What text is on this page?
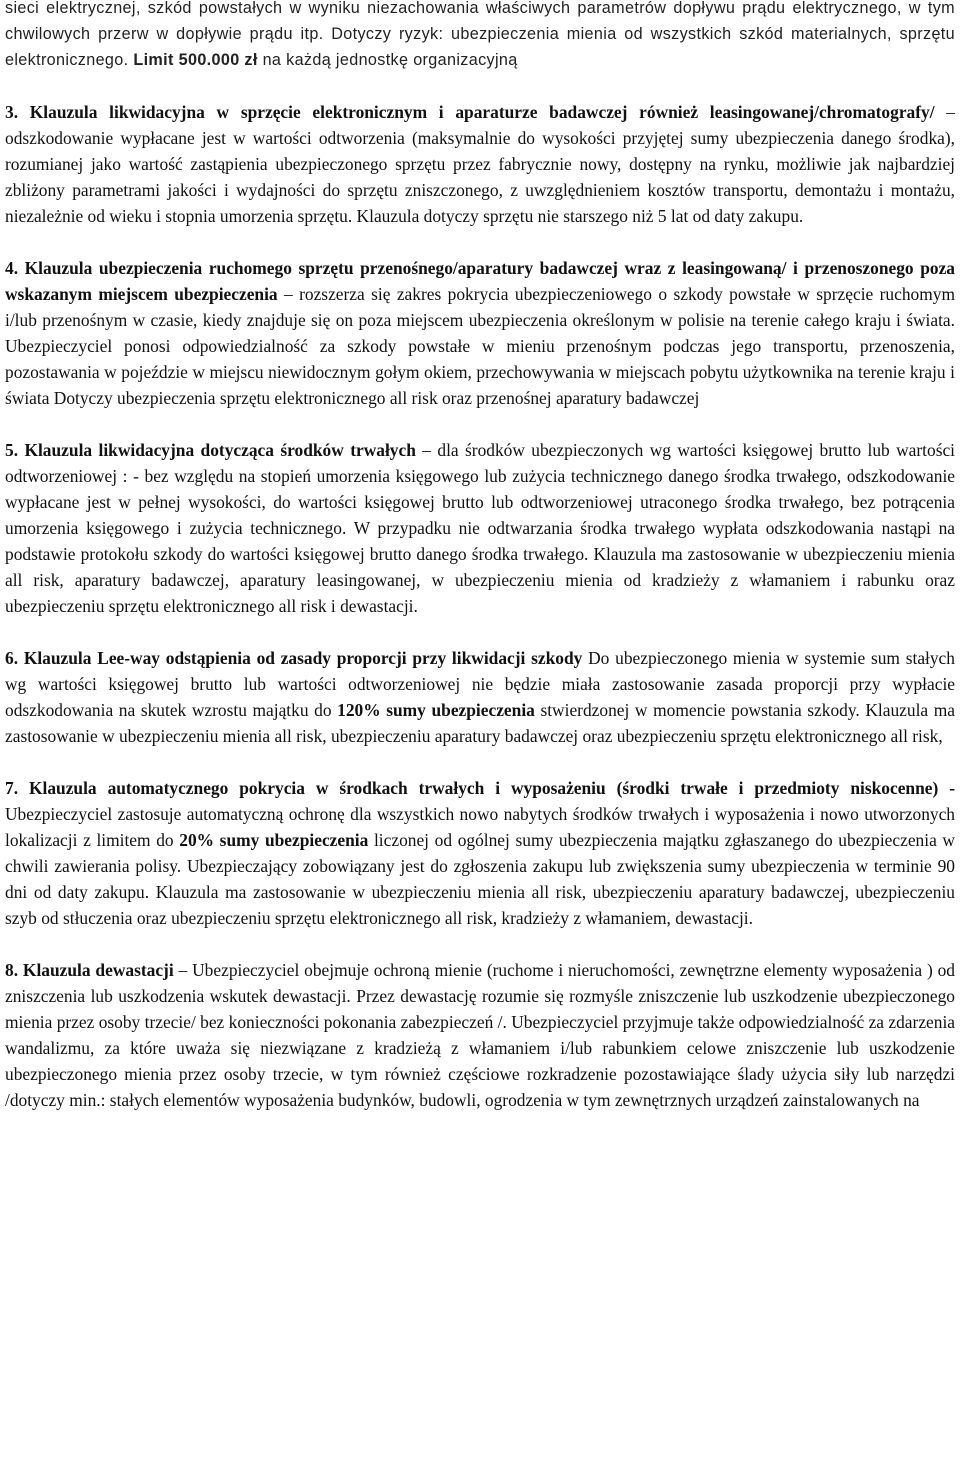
sieci elektrycznej, szkód powstałych w wyniku niezachowania właściwych parametrów dopływu prądu elektrycznego, w tym chwilowych przerw w dopływie prądu itp. Dotyczy ryzyk: ubezpieczenia mienia od wszystkich szkód materialnych, sprzętu elektronicznego. Limit 500.000 zł na każdą jednostkę organizacyjną

3. Klauzula likwidacyjna w sprzęcie elektronicznym i aparaturze badawczej również leasingowanej/chromatografy/ – odszkodowanie wypłacane jest w wartości odtworzenia (maksymalnie do wysokości przyjętej sumy ubezpieczenia danego środka), rozumianej jako wartość zastąpienia ubezpieczonego sprzętu przez fabrycznie nowy, dostępny na rynku, możliwie jak najbardziej zbliżony parametrami jakości i wydajności do sprzętu zniszczonego, z uwzględnieniem kosztów transportu, demontażu i montażu, niezależnie od wieku i stopnia umorzenia sprzętu. Klauzula dotyczy sprzętu nie starszego niż 5 lat od daty zakupu.

4. Klauzula ubezpieczenia ruchomego sprzętu przenośnego/aparatury badawczej wraz z leasingowaną/ i przenoszonego poza wskazanym miejscem ubezpieczenia – rozszerza się zakres pokrycia ubezpieczeniowego o szkody powstałe w sprzęcie ruchomym i/lub przenośnym w czasie, kiedy znajduje się on poza miejscem ubezpieczenia określonym w polisie na terenie całego kraju i świata. Ubezpieczyciel ponosi odpowiedzialność za szkody powstałe w mieniu przenośnym podczas jego transportu, przenoszenia, pozostawania w pojeździe w miejscu niewidocznym gołym okiem, przechowywania w miejscach pobytu użytkownika na terenie kraju i świata Dotyczy ubezpieczenia sprzętu elektronicznego all risk oraz przenośnej aparatury badawczej

5. Klauzula likwidacyjna dotycząca środków trwałych – dla środków ubezpieczonych wg wartości księgowej brutto lub wartości odtworzeniowej : - bez względu na stopień umorzenia księgowego lub zużycia technicznego danego środka trwałego, odszkodowanie wypłacane jest w pełnej wysokości, do wartości księgowej brutto lub odtworzeniowej utraconego środka trwałego, bez potrącenia umorzenia księgowego i zużycia technicznego. W przypadku nie odtwarzania środka trwałego wypłata odszkodowania nastąpi na podstawie protokołu szkody do wartości księgowej brutto danego środka trwałego. Klauzula ma zastosowanie w ubezpieczeniu mienia all risk, aparatury badawczej, aparatury leasingowanej, w ubezpieczeniu mienia od kradzieży z włamaniem i rabunku oraz ubezpieczeniu sprzętu elektronicznego all risk i dewastacji.

6. Klauzula Lee-way odstąpienia od zasady proporcji przy likwidacji szkody Do ubezpieczonego mienia w systemie sum stałych wg wartości księgowej brutto lub wartości odtworzeniowej nie będzie miała zastosowanie zasada proporcji przy wypłacie odszkodowania na skutek wzrostu majątku do 120% sumy ubezpieczenia stwierdzonej w momencie powstania szkody. Klauzula ma zastosowanie w ubezpieczeniu mienia all risk, ubezpieczeniu aparatury badawczej oraz ubezpieczeniu sprzętu elektronicznego all risk,

7. Klauzula automatycznego pokrycia w środkach trwałych i wyposażeniu (środki trwałe i przedmioty niskocenne) - Ubezpieczyciel zastosuje automatyczną ochronę dla wszystkich nowo nabytych środków trwałych i wyposażenia i nowo utworzonych lokalizacji z limitem do 20% sumy ubezpieczenia liczonej od ogólnej sumy ubezpieczenia majątku zgłaszanego do ubezpieczenia w chwili zawierania polisy. Ubezpieczający zobowiązany jest do zgłoszenia zakupu lub zwiększenia sumy ubezpieczenia w terminie 90 dni od daty zakupu. Klauzula ma zastosowanie w ubezpieczeniu mienia all risk, ubezpieczeniu aparatury badawczej, ubezpieczeniu szyb od stłuczenia oraz ubezpieczeniu sprzętu elektronicznego all risk, kradzieży z włamaniem, dewastacji.

8. Klauzula dewastacji – Ubezpieczyciel obejmuje ochroną mienie (ruchome i nieruchomości, zewnętrzne elementy wyposażenia ) od zniszczenia lub uszkodzenia wskutek dewastacji. Przez dewastację rozumie się rozmyśle zniszczenie lub uszkodzenie ubezpieczonego mienia przez osoby trzecie/ bez konieczności pokonania zabezpieczeń /. Ubezpieczyciel przyjmuje także odpowiedzialność za zdarzenia wandalizmu, za które uważa się niezwiązane z kradzieżą z włamaniem i/lub rabunkiem celowe zniszczenie lub uszkodzenie ubezpieczonego mienia przez osoby trzecie, w tym również częściowe rozkradzenie pozostawiające ślady użycia siły lub narzędzi /dotyczy min.: stałych elementów wyposażenia budynków, budowli, ogrodzenia w tym zewnętrznych urządzeń zainstalowanych na
